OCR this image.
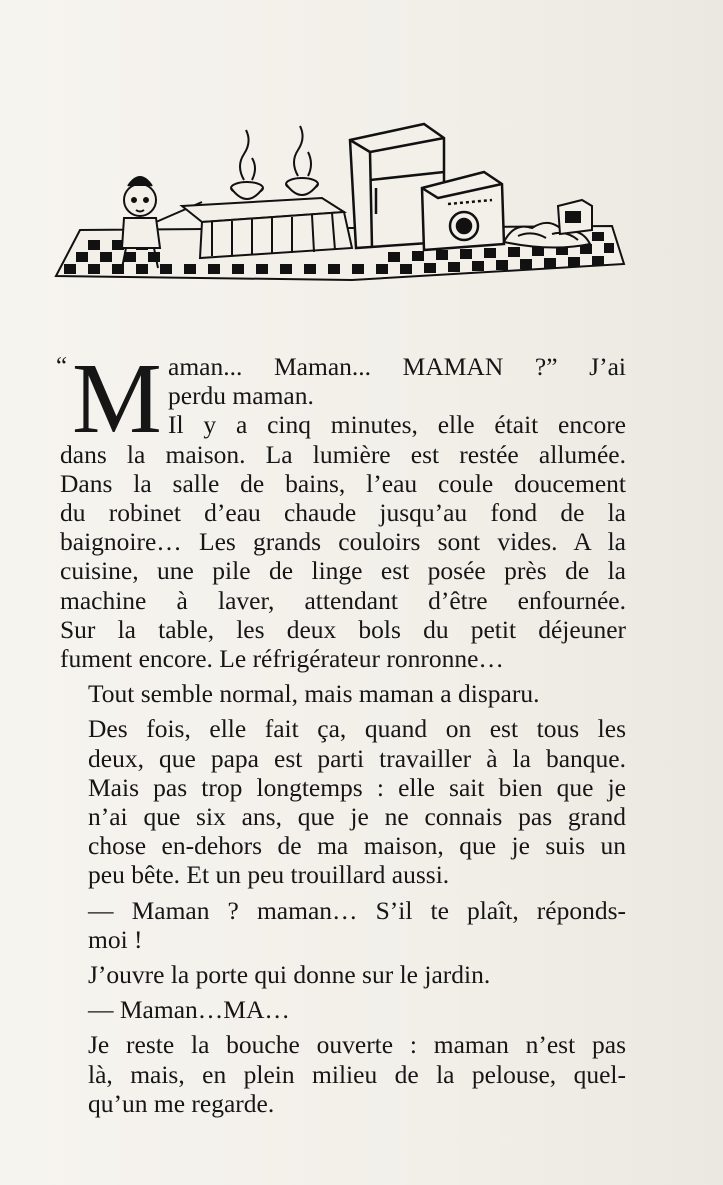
“ M aman... Maman... MAMAN ?” J’ai
perdu maman.
Il y a cinq minutes, elle était encore
dans la maison. La lumière est restée allumée.
Dans la salle de bains, l’eau coule doucement
du robinet d’eau chaude jusqu’au fond de la
baignoire… Les grands couloirs sont vides. A la
cuisine, une pile de linge est posée près de la
machine à laver, attendant d’être enfournée.
Sur la table, les deux bols du petit déjeuner
fument encore. Le réfrigérateur ronronne…
Tout semble normal, mais maman a disparu.
Des fois, elle fait ça, quand on est tous les
deux, que papa est parti travailler à la banque.
Mais pas trop longtemps : elle sait bien que je
n’ai que six ans, que je ne connais pas grand
chose en-dehors de ma maison, que je suis un
peu bête. Et un peu trouillard aussi.
— Maman ? maman… S’il te plaît, réponds-
moi !
J’ouvre la porte qui donne sur le jardin.
— Maman…MA…
Je reste la bouche ouverte : maman n’est pas
là, mais, en plein milieu de la pelouse, quel-
qu’un me regarde.
